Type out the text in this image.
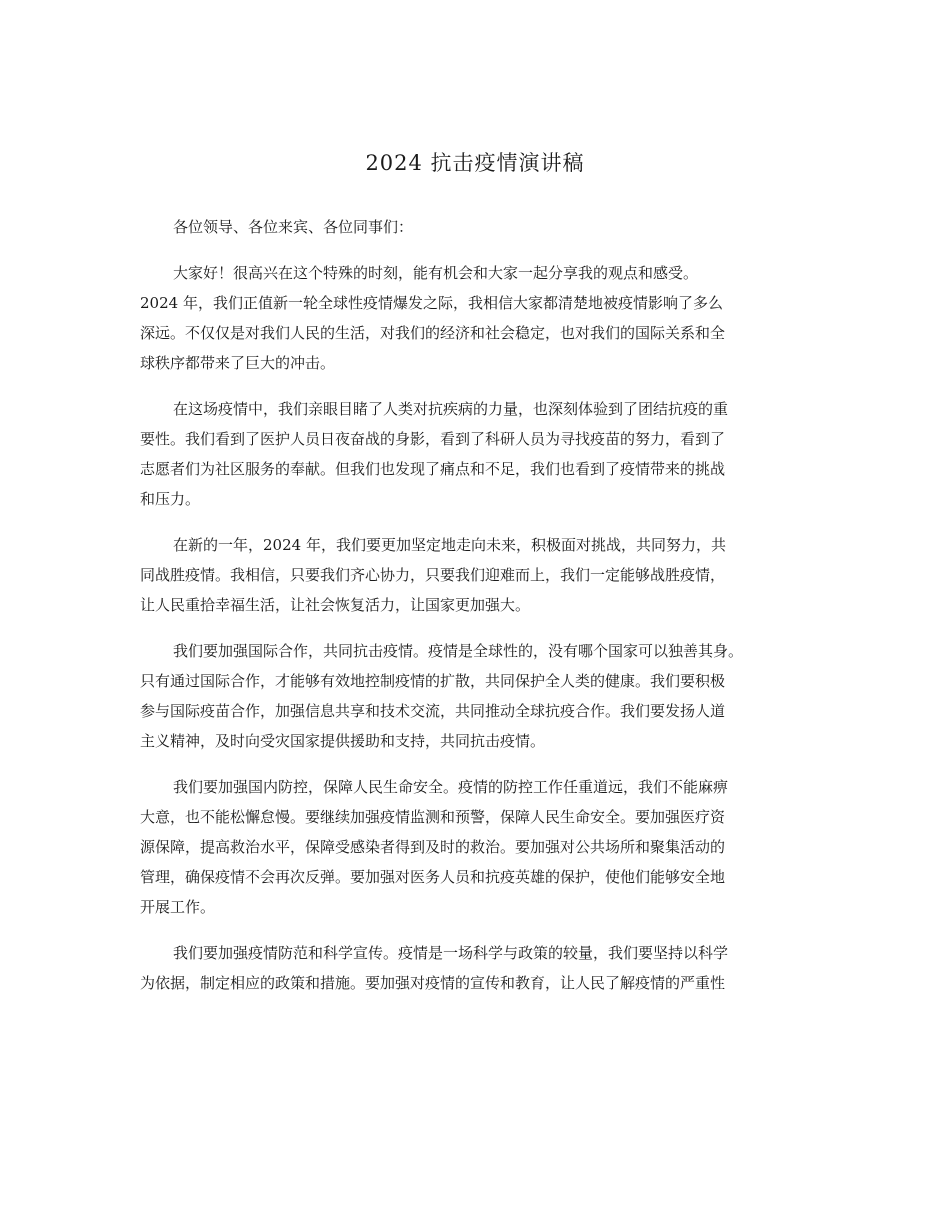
2024 抗击疫情演讲稿

各位领导、各位来宾、各位同事们：

大家好！很高兴在这个特殊的时刻，能有机会和大家一起分享我的观点和感受。
2024 年，我们正值新一轮全球性疫情爆发之际，我相信大家都清楚地被疫情影响了多么
深远。不仅仅是对我们人民的生活，对我们的经济和社会稳定，也对我们的国际关系和全
球秩序都带来了巨大的冲击。

在这场疫情中，我们亲眼目睹了人类对抗疾病的力量，也深刻体验到了团结抗疫的重
要性。我们看到了医护人员日夜奋战的身影，看到了科研人员为寻找疫苗的努力，看到了
志愿者们为社区服务的奉献。但我们也发现了痛点和不足，我们也看到了疫情带来的挑战
和压力。

在新的一年，2024 年，我们要更加坚定地走向未来，积极面对挑战，共同努力，共
同战胜疫情。我相信，只要我们齐心协力，只要我们迎难而上，我们一定能够战胜疫情，
让人民重拾幸福生活，让社会恢复活力，让国家更加强大。

我们要加强国际合作，共同抗击疫情。疫情是全球性的，没有哪个国家可以独善其身。
只有通过国际合作，才能够有效地控制疫情的扩散，共同保护全人类的健康。我们要积极
参与国际疫苗合作，加强信息共享和技术交流，共同推动全球抗疫合作。我们要发扬人道
主义精神，及时向受灾国家提供援助和支持，共同抗击疫情。

我们要加强国内防控，保障人民生命安全。疫情的防控工作任重道远，我们不能麻痹
大意，也不能松懈怠慢。要继续加强疫情监测和预警，保障人民生命安全。要加强医疗资
源保障，提高救治水平，保障受感染者得到及时的救治。要加强对公共场所和聚集活动的
管理，确保疫情不会再次反弹。要加强对医务人员和抗疫英雄的保护，使他们能够安全地
开展工作。

我们要加强疫情防范和科学宣传。疫情是一场科学与政策的较量，我们要坚持以科学
为依据，制定相应的政策和措施。要加强对疫情的宣传和教育，让人民了解疫情的严重性
